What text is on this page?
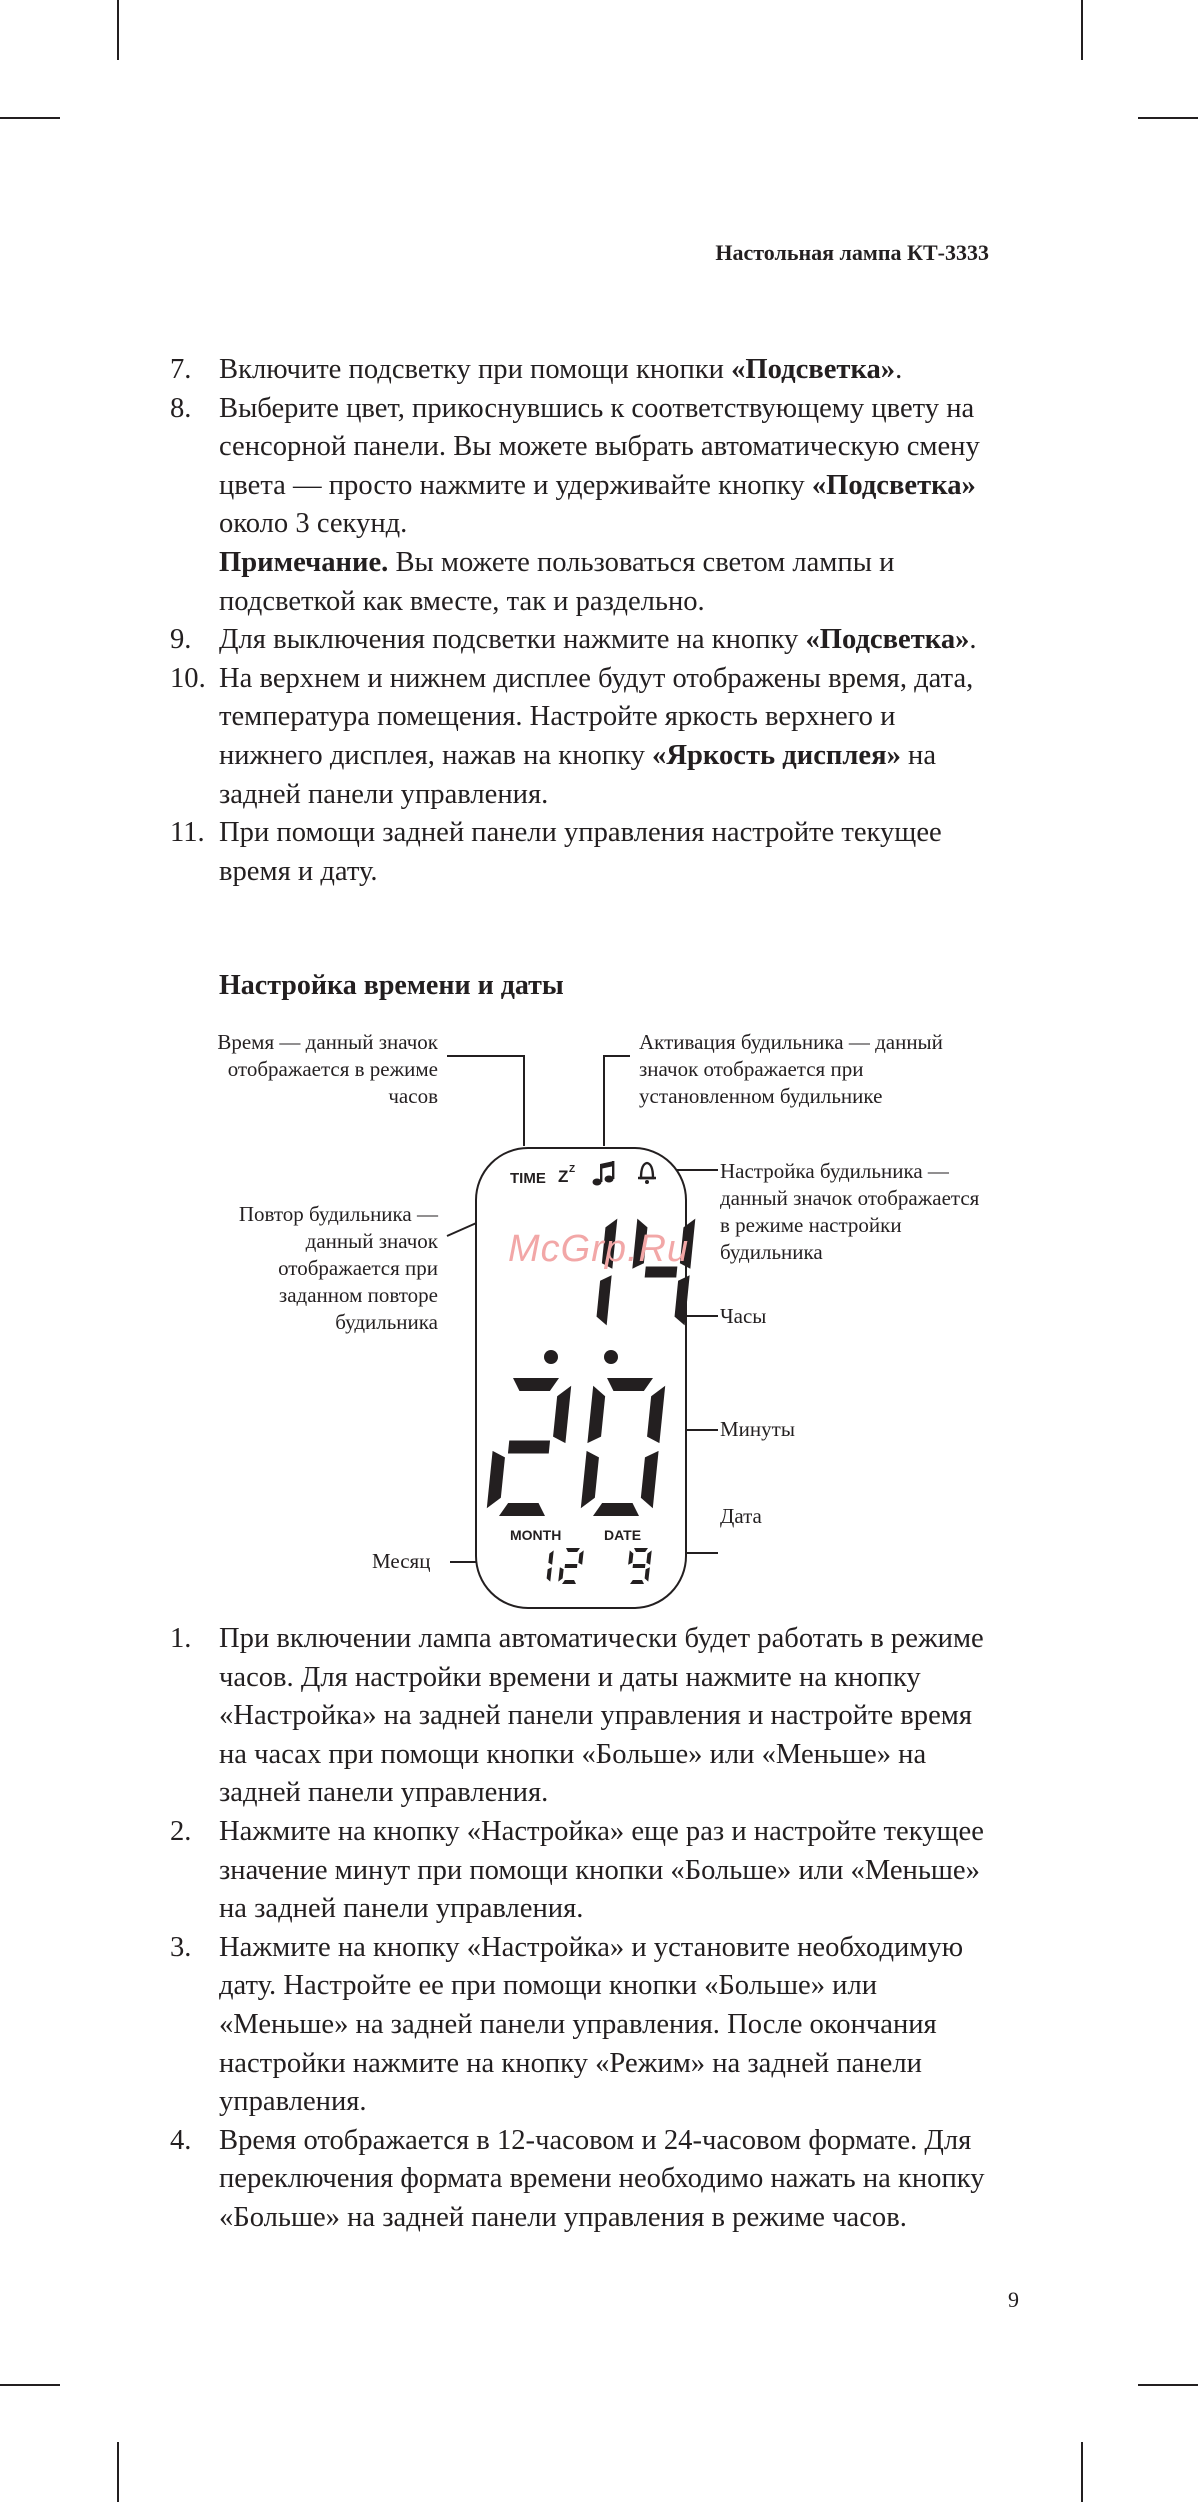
Настольная лампа КТ-3333
7. Включите подсветку при помощи кнопки «Подсветка».
8. Выберите цвет, прикоснувшись к соответствующему цвету на сенсорной панели. Вы можете выбрать автоматическую смену цвета — просто нажмите и удерживайте кнопку «Подсветка» около 3 секунд.
Примечание. Вы можете пользоваться светом лампы и подсветкой как вместе, так и раздельно.
9. Для выключения подсветки нажмите на кнопку «Подсветка».
10. На верхнем и нижнем дисплее будут отображены время, дата, температура помещения. Настройте яркость верхнего и нижнего дисплея, нажав на кнопку «Яркость дисплея» на задней панели управления.
11. При помощи задней панели управления настройте текущее время и дату.
Настройка времени и даты
Время — данный значок отображается в режиме часов
Активация будильника — данный значок отображается при установленном будильнике
Настройка будильника — данный значок отображается в режиме настройки будильника
Повтор будильника — данный значок отображается при заданном повторе будильника	Часы
Минуты
Дата
Месяц
TIME Z Z
MONTH	DATE
McGrp.Ru
1. При включении лампа автоматически будет работать в режиме часов. Для настройки времени и даты нажмите на кнопку «Настройка» на задней панели управления и настройте время на часах при помощи кнопки «Больше» или «Меньше» на задней панели управления.
2. Нажмите на кнопку «Настройка» еще раз и настройте текущее значение минут при помощи кнопки «Больше» или «Меньше» на задней панели управления.
3. Нажмите на кнопку «Настройка» и установите необходимую дату. Настройте ее при помощи кнопки «Больше» или «Меньше» на задней панели управления. После окончания настройки нажмите на кнопку «Режим» на задней панели управления.
4. Время отображается в 12-часовом и 24-часовом формате. Для переключения формата времени необходимо нажать на кнопку «Больше» на задней панели управления в режиме часов.
9
